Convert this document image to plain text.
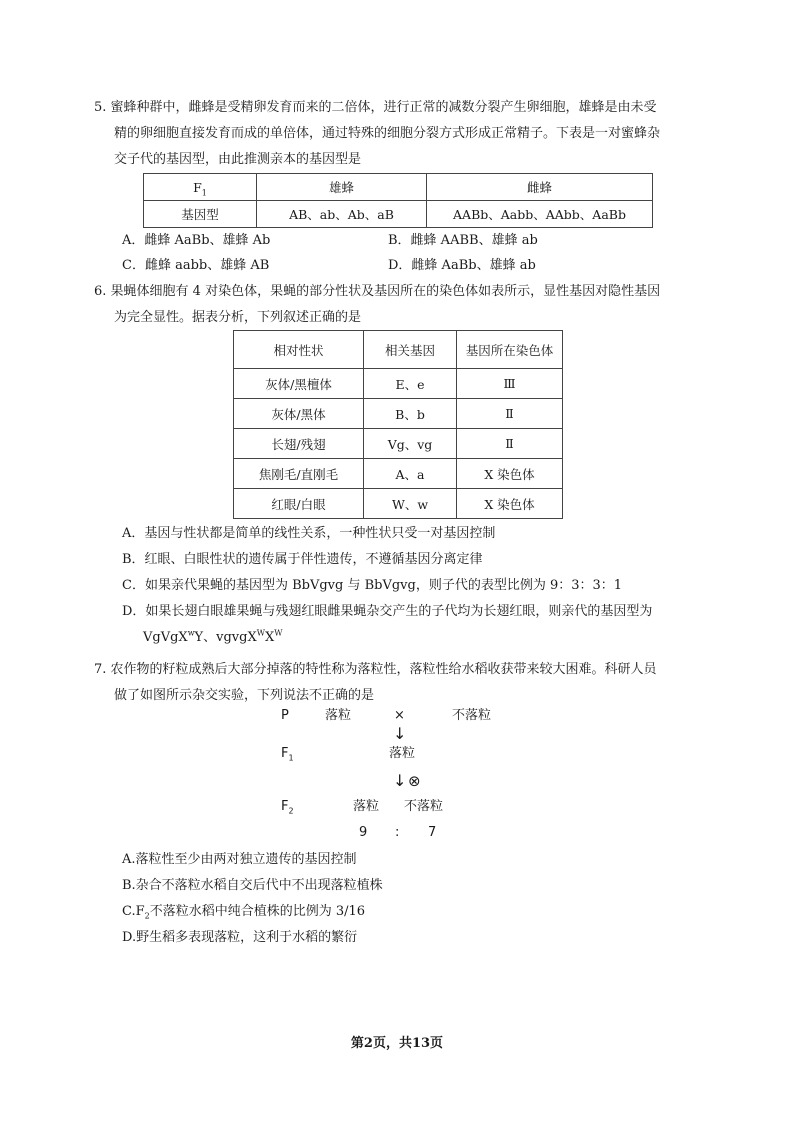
5. 蜜蜂种群中，雌蜂是受精卵发育而来的二倍体，进行正常的减数分裂产生卵细胞，雄蜂是由未受
精的卵细胞直接发育而成的单倍体，通过特殊的细胞分裂方式形成正常精子。下表是一对蜜蜂杂
交子代的基因型，由此推测亲本的基因型是
$F_1$	雄蜂	雌蜂
基因型	AB、ab、Ab、aB	AABb、Aabb、AAbb、AaBb
A．雌蜂 AaBb、雄蜂 Ab	B．雌蜂 AABB、雄蜂 ab
C．雌蜂 aabb、雄蜂 AB	D．雌蜂 AaBb、雄蜂 ab
6. 果蝇体细胞有 4 对染色体，果蝇的部分性状及基因所在的染色体如表所示，显性基因对隐性基因
为完全显性。据表分析，下列叙述正确的是
相对性状	相关基因	基因所在染色体
灰体/黑檀体	E、e	Ⅲ
灰体/黑体	B、b	Ⅱ
长翅/残翅	Vg、vg	Ⅱ
焦刚毛/直刚毛	A、a	X 染色体
红眼/白眼	W、w	X 染色体
A．基因与性状都是简单的线性关系，一种性状只受一对基因控制
B．红眼、白眼性状的遗传属于伴性遗传，不遵循基因分离定律
C．如果亲代果蝇的基因型为 BbVgvg 与 BbVgvg，则子代的表型比例为 9：3：3：1
D．如果长翅白眼雄果蝇与残翅红眼雌果蝇杂交产生的子代均为长翅红眼，则亲代的基因型为
VgVgX$^w$Y、$vgvgX^WX^W$
7. 农作物的籽粒成熟后大部分掉落的特性称为落粒性，落粒性给水稻收获带来较大困难。科研人员
做了如图所示杂交实验，下列说法不正确的是
P	落粒	×	不落粒
↓
$F_1$	落粒
↓ ⊗
$F_2$	落粒 不落粒
9 : 7
A.落粒性至少由两对独立遗传的基因控制
B.杂合不落粒水稻自交后代中不出现落粒植株
$C.F_2$不落粒水稻中纯合植株的比例为 3/16
D.野生稻多表现落粒，这利于水稻的繁衍
第2页，共13页
